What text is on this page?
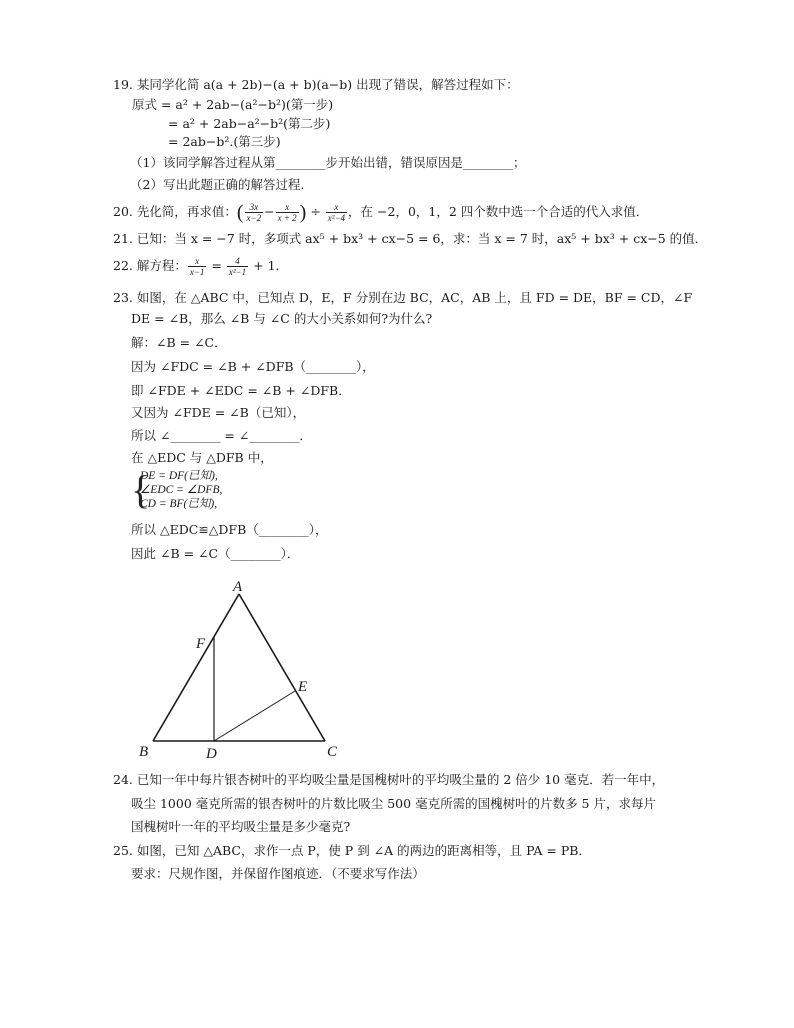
19. 某同学化简 a(a + 2b)−(a + b)(a−b) 出现了错误，解答过程如下：
原式 = a² + 2ab−(a²−b²)(第一步)
= a² + 2ab−a²−b²(第二步)
= 2ab−b².(第三步)
（1）该同学解答过程从第________步开始出错，错误原因是________；
（2）写出此题正确的解答过程．
20. 先化简，再求值：( $\frac{3x}{x-2} - \frac{x}{x + 2}$ ) ÷ $\frac{x}{\text{x²−4}}$ ，在 −2，0，1，2 四个数中选一个合适的代入求值．
21. 已知：当 x = −7 时，多项式 ax⁵ + bx³ + cx−5 = 6，求：当 x = 7 时，ax⁵ + bx³ + cx−5 的值．
22. 解方程： $\frac{x}{x-1} = \frac{4}{\text{x²−1}} + 1$．
23. 如图，在 △ABC 中，已知点 D，E，F 分别在边 BC，AC，AB 上，且 FD = DE，BF = CD，∠F
DE = ∠B，那么 ∠B 与 ∠C 的大小关系如何?为什么?
解：∠B = ∠C．
因为 ∠FDC = ∠B + ∠DFB（________），
即 ∠FDE + ∠EDC = ∠B + ∠DFB．
又因为 ∠FDE = ∠B（已知），
所以 ∠________ = ∠________．
在 △EDC 与 △DFB 中，
{
DE = DF(已知),
∠EDC = ∠DFB,
CD = BF(已知),
所以 △EDC≌△DFB（________），
因此 ∠B = ∠C（________）．
A
B	C
D
E
F
24. 已知一年中每片银杏树叶的平均吸尘量是国槐树叶的平均吸尘量的 2 倍少 10 毫克．若一年中，
吸尘 1000 毫克所需的银杏树叶的片数比吸尘 500 毫克所需的国槐树叶的片数多 5 片，求每片
国槐树叶一年的平均吸尘量是多少毫克?
25. 如图，已知 △ABC，求作一点 P，使 P 到 ∠A 的两边的距离相等，且 PA = PB．
要求：尺规作图，并保留作图痕迹．（不要求写作法）
